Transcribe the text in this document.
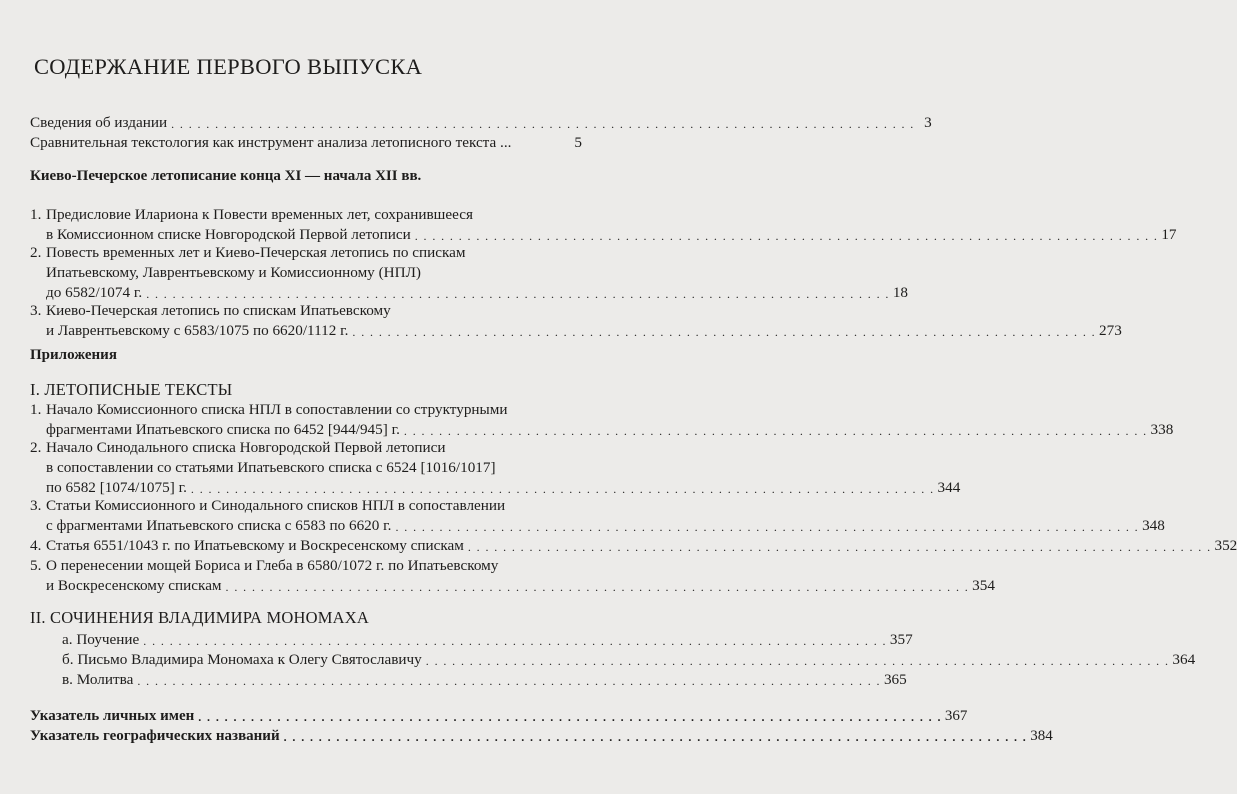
СОДЕРЖАНИЕ ПЕРВОГО ВЫПУСКА
Сведения об издании . . . . . . . . . . . . . . . . . . . . . . . . . . . . . . . . . . . . . . . . . . . . . . . . . . . . . . . . . . . . . . . . . . . . . . . . . . . . . . . . . . . . . 3
Сравнительная текстология как инструмент анализа летописного текста ...	5
Киево-Печерское летописание конца XI — начала XII вв.
1. Предисловие Илариона к Повести временных лет, сохранившееся
в Комиссионном списке Новгородской Первой летописи . . . . . . . . . . . . . . . . . . . . . . . . . . . . . . . . . . . . . . . . . . . . . . . . . . . . . . . . . . . . . . . . . . . . . . . . . . . . . . . . . . . . . 17
2. Повесть временных лет и Киево-Печерская летопись по спискам
Ипатьевскому, Лаврентьевскому и Комиссионному (НПЛ)
до 6582/1074 г. . . . . . . . . . . . . . . . . . . . . . . . . . . . . . . . . . . . . . . . . . . . . . . . . . . . . . . . . . . . . . . . . . . . . . . . . . . . . . . . . . . . . . 18
3. Киево-Печерская летопись по спискам Ипатьевскому
и Лаврентьевскому с 6583/1075 по 6620/1112 г. . . . . . . . . . . . . . . . . . . . . . . . . . . . . . . . . . . . . . . . . . . . . . . . . . . . . . . . . . . . . . . . . . . . . . . . . . . . . . . . . . . . . . 273
Приложения
I. ЛЕТОПИСНЫЕ ТЕКСТЫ
1. Начало Комиссионного списка НПЛ в сопоставлении со структурными
фрагментами Ипатьевского списка по 6452 [944/945] г. . . . . . . . . . . . . . . . . . . . . . . . . . . . . . . . . . . . . . . . . . . . . . . . . . . . . . . . . . . . . . . . . . . . . . . . . . . . . . . . . . . . . . 338
2. Начало Синодального списка Новгородской Первой летописи
в сопоставлении со статьями Ипатьевского списка с 6524 [1016/1017]
по 6582 [1074/1075] г. . . . . . . . . . . . . . . . . . . . . . . . . . . . . . . . . . . . . . . . . . . . . . . . . . . . . . . . . . . . . . . . . . . . . . . . . . . . . . . . . . . . . . 344
3. Статьи Комиссионного и Синодального списков НПЛ в сопоставлении
с фрагментами Ипатьевского списка с 6583 по 6620 г. . . . . . . . . . . . . . . . . . . . . . . . . . . . . . . . . . . . . . . . . . . . . . . . . . . . . . . . . . . . . . . . . . . . . . . . . . . . . . . . . . . . . . 348
4. Статья 6551/1043 г. по Ипатьевскому и Воскресенскому спискам . . . . . . . . . . . . . . . . . . . . . . . . . . . . . . . . . . . . . . . . . . . . . . . . . . . . . . . . . . . . . . . . . . . . . . . . . . . . . . . . . . . . . 352
5. О перенесении мощей Бориса и Глеба в 6580/1072 г. по Ипатьевскому
и Воскресенскому спискам . . . . . . . . . . . . . . . . . . . . . . . . . . . . . . . . . . . . . . . . . . . . . . . . . . . . . . . . . . . . . . . . . . . . . . . . . . . . . . . . . . . . . 354
II. СОЧИНЕНИЯ ВЛАДИМИРА МОНОМАХА
а. Поучение . . . . . . . . . . . . . . . . . . . . . . . . . . . . . . . . . . . . . . . . . . . . . . . . . . . . . . . . . . . . . . . . . . . . . . . . . . . . . . . . . . . . . 357
б. Письмо Владимира Мономаха к Олегу Святославичу . . . . . . . . . . . . . . . . . . . . . . . . . . . . . . . . . . . . . . . . . . . . . . . . . . . . . . . . . . . . . . . . . . . . . . . . . . . . . . . . . . . . . 364
в. Молитва . . . . . . . . . . . . . . . . . . . . . . . . . . . . . . . . . . . . . . . . . . . . . . . . . . . . . . . . . . . . . . . . . . . . . . . . . . . . . . . . . . . . . 365
Указатель личных имен . . . . . . . . . . . . . . . . . . . . . . . . . . . . . . . . . . . . . . . . . . . . . . . . . . . . . . . . . . . . . . . . . . . . . . . . . . . . . . . . . . . . . 367
Указатель географических названий . . . . . . . . . . . . . . . . . . . . . . . . . . . . . . . . . . . . . . . . . . . . . . . . . . . . . . . . . . . . . . . . . . . . . . . . . . . . . . . . . . . . . 384
